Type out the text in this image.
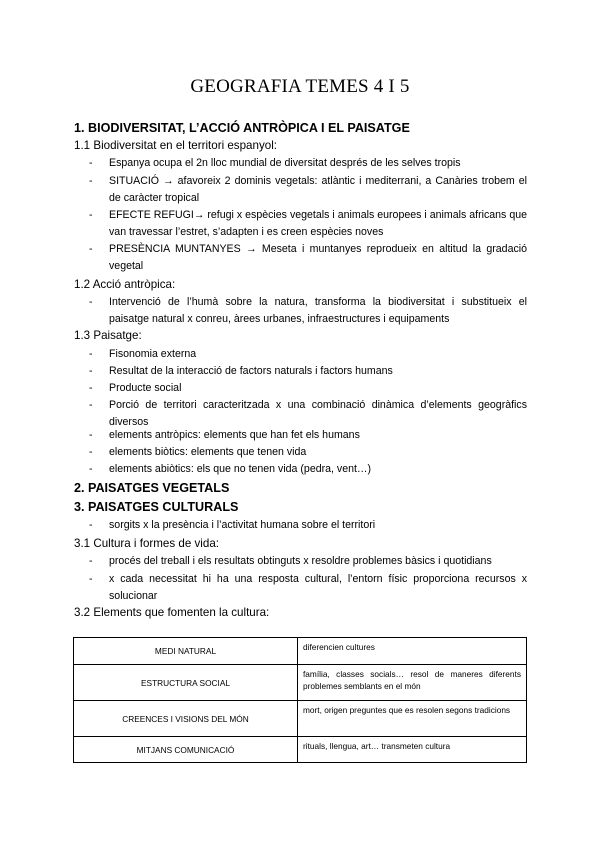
GEOGRAFIA TEMES 4 I 5
1. BIODIVERSITAT, L’ACCIÓ ANTRÒPICA I EL PAISATGE
1.1 Biodiversitat en el territori espanyol:
- Espanya ocupa el 2n lloc mundial de diversitat després de les selves tropis
- SITUACIÓ → afavoreix 2 dominis vegetals: atlàntic i mediterrani, a Canàries trobem el
de caràcter tropical
- EFECTE REFUGI→ refugi x espècies vegetals i animals europees i animals africans que
van travessar l’estret, s’adapten i es creen espècies noves
- PRESÈNCIA MUNTANYES → Meseta i muntanyes reprodueix en altitud la gradació
vegetal
1.2 Acció antròpica:
- Intervenció de l’humà sobre la natura, transforma la biodiversitat i substitueix el
paisatge natural x conreu, àrees urbanes, infraestructures i equipaments
1.3 Paisatge:
- Fisonomia externa
- Resultat de la interacció de factors naturals i factors humans
- Producte social
- Porció de territori caracteritzada x una combinació dinàmica d’elements geogràfics
diversos
- elements antròpics: elements que han fet els humans
- elements biòtics: elements que tenen vida
- elements abiòtics: els que no tenen vida (pedra, vent…)
2. PAISATGES VEGETALS
3. PAISATGES CULTURALS
- sorgits x la presència i l’activitat humana sobre el territori
3.1 Cultura i formes de vida:
- procés del treball i els resultats obtinguts x resoldre problemes bàsics i quotidians
- x cada necessitat hi ha una resposta cultural, l’entorn físic proporciona recursos x
solucionar
3.2 Elements que fomenten la cultura:
MEDI NATURAL	diferencien cultures
ESTRUCTURA SOCIAL	família, classes socials… resol de maneres diferents problemes semblants en el món
CREENCES I VISIONS DEL MÓN	mort, origen preguntes que es resolen segons tradicions
MITJANS COMUNICACIÓ	rituals, llengua, art… transmeten cultura
